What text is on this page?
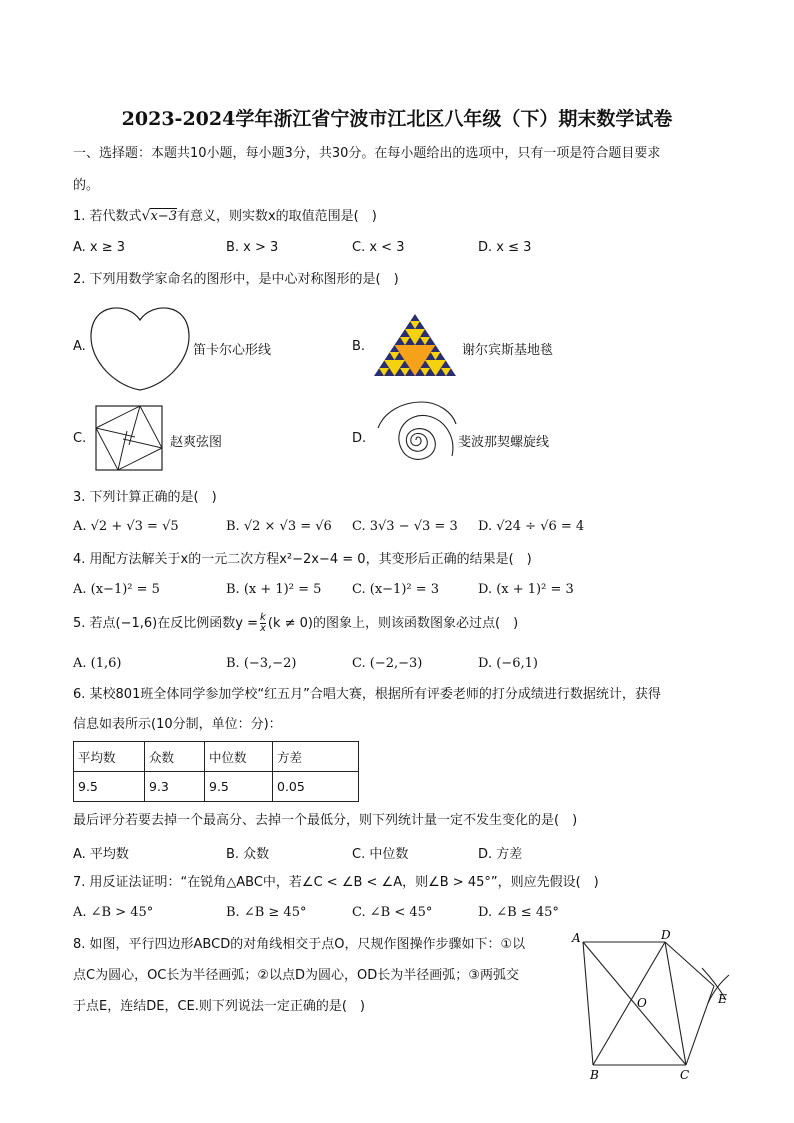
2023-2024学年浙江省宁波市江北区八年级（下）期末数学试卷
一、选择题：本题共10小题，每小题3分，共30分。在每小题给出的选项中，只有一项是符合题目要求
的。
1. 若代数式√x−3有意义，则实数x的取值范围是(　)
A. x ≥ 3	B. x > 3	C. x < 3	D. x ≤ 3
2. 下列用数学家命名的图形中，是中心对称图形的是(　)
A.	笛卡尔心形线	B.	谢尔宾斯基地毯
C.	赵爽弦图	D.	斐波那契螺旋线
3. 下列计算正确的是(　)
A. √2 + √3 = √5	B. √2 × √3 = √6 C. 3√3 − √3 = 3 D. √24 ÷ √6 = 4
4. 用配方法解关于x的一元二次方程x²−2x−4 = 0，其变形后正确的结果是(　)
A. (x−1)² = 5	B. (x + 1)² = 5 C. (x−1)² = 3	D. (x + 1)² = 3
5. 若点(−1,6)在反比例函数$y = \frac{k}{x} (k \ne 0)$的图象上，则该函数图象必过点(　)
A. (1,6)	B. (−3,−2)	C. (−2,−3)	D. (−6,1)
6. 某校801班全体同学参加学校“红五月”合唱大赛，根据所有评委老师的打分成绩进行数据统计，获得
信息如表所示(10分制，单位：分)：
平均数	众数	中位数	方差
9.5	9.3	9.5	0.05
最后评分若要去掉一个最高分、去掉一个最低分，则下列统计量一定不发生变化的是(　)
A. 平均数	B. 众数	C. 中位数	D. 方差
7. 用反证法证明：“在锐角△ABC中，若∠C < ∠B < ∠A，则∠B > 45°”，则应先假设(　)
A. ∠B > 45°	B. ∠B ≥ 45°	C. ∠B < 45°	D. ∠B ≤ 45°
8. 如图，平行四边形ABCD的对角线相交于点O，尺规作图操作步骤如下：①以
点C为圆心，OC长为半径画弧；②以点D为圆心，OD长为半径画弧；③两弧交
于点E，连结DE，CE.则下列说法一定正确的是(　)
A	D
O	E
B	C
